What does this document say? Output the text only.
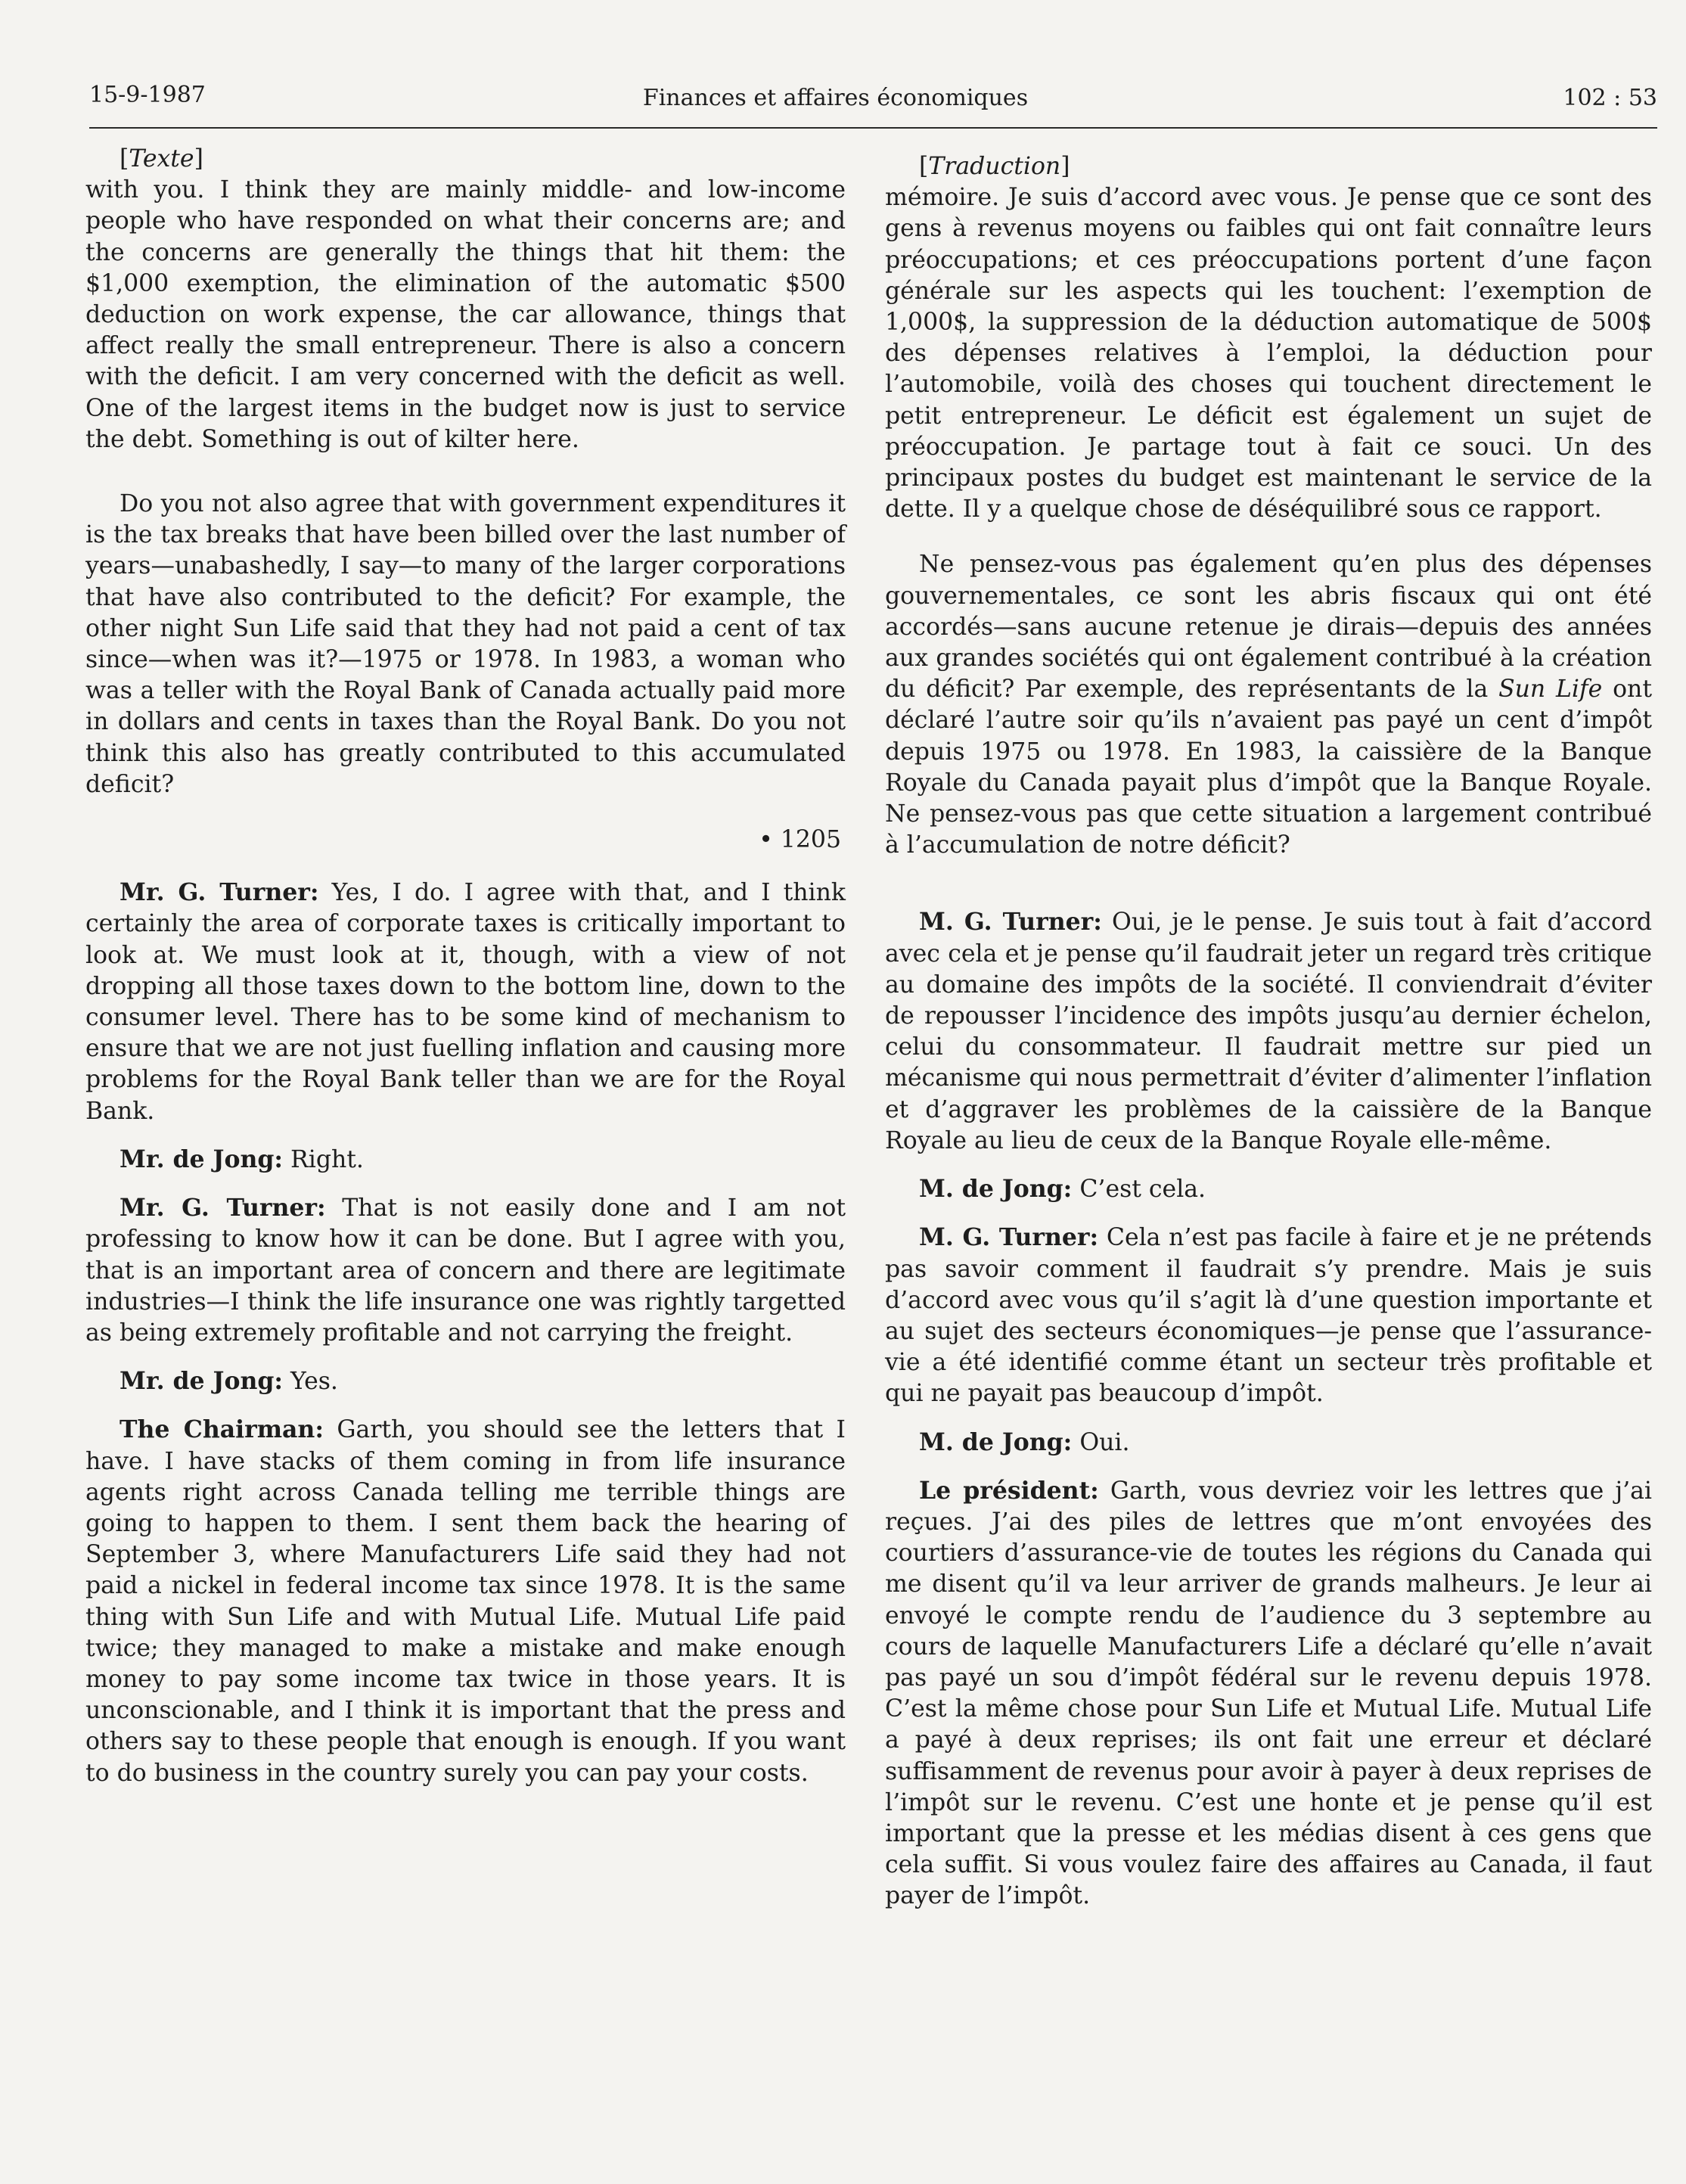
15-9-1987	Finances et affaires économiques	102 : 53

[Texte]

with you. I think they are mainly middle- and low-income people who have responded on what their concerns are; and the concerns are generally the things that hit them: the $1,000 exemption, the elimination of the automatic $500 deduction on work expense, the car allowance, things that affect really the small entrepreneur. There is also a concern with the deficit. I am very concerned with the deficit as well. One of the largest items in the budget now is just to service the debt. Something is out of kilter here.

Do you not also agree that with government expenditures it is the tax breaks that have been billed over the last number of years—unabashedly, I say—to many of the larger corporations that have also contributed to the deficit? For example, the other night Sun Life said that they had not paid a cent of tax since—when was it?—1975 or 1978. In 1983, a woman who was a teller with the Royal Bank of Canada actually paid more in dollars and cents in taxes than the Royal Bank. Do you not think this also has greatly contributed to this accumulated deficit?

• 1205

Mr. G. Turner: Yes, I do. I agree with that, and I think certainly the area of corporate taxes is critically important to look at. We must look at it, though, with a view of not dropping all those taxes down to the bottom line, down to the consumer level. There has to be some kind of mechanism to ensure that we are not just fuelling inflation and causing more problems for the Royal Bank teller than we are for the Royal Bank.

Mr. de Jong: Right.

Mr. G. Turner: That is not easily done and I am not professing to know how it can be done. But I agree with you, that is an important area of concern and there are legitimate industries—I think the life insurance one was rightly targetted as being extremely profitable and not carrying the freight.

Mr. de Jong: Yes.

The Chairman: Garth, you should see the letters that I have. I have stacks of them coming in from life insurance agents right across Canada telling me terrible things are going to happen to them. I sent them back the hearing of September 3, where Manufacturers Life said they had not paid a nickel in federal income tax since 1978. It is the same thing with Sun Life and with Mutual Life. Mutual Life paid twice; they managed to make a mistake and make enough money to pay some income tax twice in those years. It is unconscionable, and I think it is important that the press and others say to these people that enough is enough. If you want to do business in the country surely you can pay your costs.

[Traduction]

mémoire. Je suis d’accord avec vous. Je pense que ce sont des gens à revenus moyens ou faibles qui ont fait connaître leurs préoccupations; et ces préoccupations portent d’une façon générale sur les aspects qui les touchent: l’exemption de 1,000$, la suppression de la déduction automatique de 500$ des dépenses relatives à l’emploi, la déduction pour l’automobile, voilà des choses qui touchent directement le petit entrepreneur. Le déficit est également un sujet de préoccupation. Je partage tout à fait ce souci. Un des principaux postes du budget est maintenant le service de la dette. Il y a quelque chose de déséquilibré sous ce rapport.

Ne pensez-vous pas également qu’en plus des dépenses gouvernementales, ce sont les abris fiscaux qui ont été accordés—sans aucune retenue je dirais—depuis des années aux grandes sociétés qui ont également contribué à la création du déficit? Par exemple, des représentants de la Sun Life ont déclaré l’autre soir qu’ils n’avaient pas payé un cent d’impôt depuis 1975 ou 1978. En 1983, la caissière de la Banque Royale du Canada payait plus d’impôt que la Banque Royale. Ne pensez-vous pas que cette situation a largement contribué à l’accumulation de notre déficit?

M. G. Turner: Oui, je le pense. Je suis tout à fait d’accord avec cela et je pense qu’il faudrait jeter un regard très critique au domaine des impôts de la société. Il conviendrait d’éviter de repousser l’incidence des impôts jusqu’au dernier échelon, celui du consommateur. Il faudrait mettre sur pied un mécanisme qui nous permettrait d’éviter d’alimenter l’inflation et d’aggraver les problèmes de la caissière de la Banque Royale au lieu de ceux de la Banque Royale elle-même.

M. de Jong: C’est cela.

M. G. Turner: Cela n’est pas facile à faire et je ne prétends pas savoir comment il faudrait s’y prendre. Mais je suis d’accord avec vous qu’il s’agit là d’une question importante et au sujet des secteurs économiques—je pense que l’assurance-vie a été identifié comme étant un secteur très profitable et qui ne payait pas beaucoup d’impôt.

M. de Jong: Oui.

Le président: Garth, vous devriez voir les lettres que j’ai reçues. J’ai des piles de lettres que m’ont envoyées des courtiers d’assurance-vie de toutes les régions du Canada qui me disent qu’il va leur arriver de grands malheurs. Je leur ai envoyé le compte rendu de l’audience du 3 septembre au cours de laquelle Manufacturers Life a déclaré qu’elle n’avait pas payé un sou d’impôt fédéral sur le revenu depuis 1978. C’est la même chose pour Sun Life et Mutual Life. Mutual Life a payé à deux reprises; ils ont fait une erreur et déclaré suffisamment de revenus pour avoir à payer à deux reprises de l’impôt sur le revenu. C’est une honte et je pense qu’il est important que la presse et les médias disent à ces gens que cela suffit. Si vous voulez faire des affaires au Canada, il faut payer de l’impôt.
